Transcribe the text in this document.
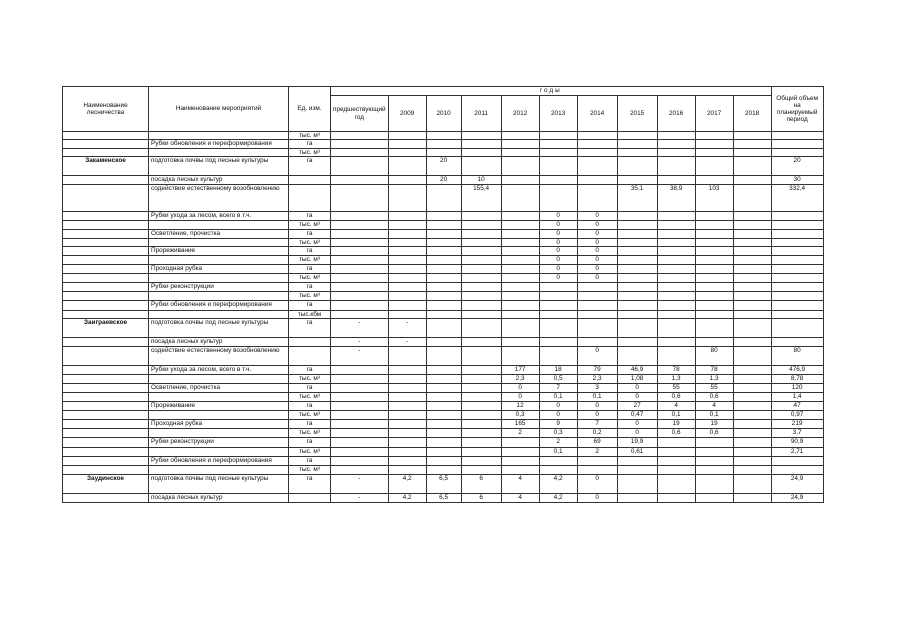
Наименование лесничества	Наименование мероприятий	Ед. изм.	годы											Общий объем на планируемый период
			предшествующий год	2009	2010	2011	2012	2013	2014	2015	2016	2017	2018	
		тыс. м³												
	Рубки обновления и переформирования	га												
		тыс. м³												
Закаменское	подготовка почвы под лесные культуры	га			20									20
	посадка лесных культур				20	10								30
	содействие естественному возобновлению					155,4				35,1	38,9	103		332,4
	Рубки ухода за лесом, всего в т.ч.	га						0	0					
		тыс. м³						0	0					
	Осветление, прочистка	га						0	0					
		тыс. м³						0	0					
	Прореживание	га						0	0					
		тыс. м³						0	0					
	Проходная рубка	га						0	0					
		тыс. м³						0	0					
	Рубки реконструкции	га												
		тыс. м³												
	Рубки обновления и переформирования	га												
		тыс.кбм												
Заиграевское	подготовка почвы под лесные культуры	га	-	-										
	посадка лесных культур		-	-										
	содействие естественному возобновлению		-						0			80		80
	Рубки ухода за лесом, всего в т.ч.	га					177	18	79	46,9	78	78		476,9
		тыс. м³					2,3	0,5	2,3	1,08	1,3	1,3		8,78
	Осветление, прочистка	га					0	7	3	0	55	55		120
		тыс. м³					0	0,1	0,1	0	0,6	0,6		1,4
	Прореживание	га					12	0	0	27	4	4		47
		тыс. м³					0,3	0	0	0,47	0,1	0,1		0,97
	Проходная рубка	га					165	9	7	0	19	19		219
		тыс. м³					2	0,3	0,2	0	0,6	0,6		3,7
	Рубки реконструкции	га						2	69	19,9				90,9
		тыс. м³						0,1	2	0,61				2,71
	Рубки обновления и переформирования	га												
		тыс. м³												
Заудинское	подготовка почвы под лесные культуры	га	-	4,2	6,5	6	4	4,2	0					24,9
	посадка лесных культур		-	4,2	6,5	6	4	4,2	0					24,9
